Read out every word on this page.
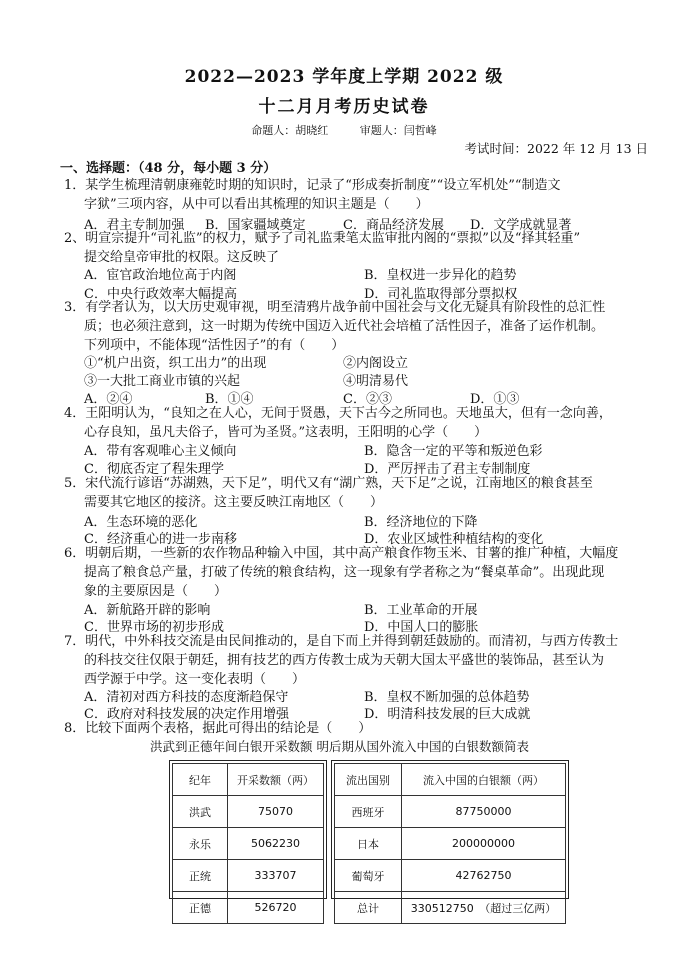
2022—2023 学年度上学期 2022 级
十二月月考历史试卷
命题人：胡晓红	审题人：闫哲峰
考试时间：2022 年 12 月 13 日
一、选择题：（48 分，每小题 3 分）
1．某学生梳理清朝康雍乾时期的知识时，记录了“形成奏折制度”“设立军机处”“制造文
字狱”三项内容，从中可以看出其梳理的知识主题是（　　）
A．君主专制加强 B．国家疆域奠定	C．商品经济发展 D．文学成就显著
2、明宣宗提升“司礼监”的权力，赋予了司礼监秉笔太监审批内阁的“票拟”以及“择其轻重”
提交给皇帝审批的权限。这反映了
A．宦官政治地位高于内阁	B．皇权进一步异化的趋势
C．中央行政效率大幅提高	D．司礼监取得部分票拟权
3．有学者认为，以大历史观审视，明至清鸦片战争前中国社会与文化无疑具有阶段性的总汇性
质；也必须注意到，这一时期为传统中国迈入近代社会培植了活性因子，准备了运作机制。
下列项中，不能体现“活性因子”的有（　　）
①“机户出资，织工出力”的出现	②内阁设立
③一大批工商业市镇的兴起	④明清易代
A．②④	B．①④	C．②③	D．①③
4．王阳明认为，“良知之在人心，无间于贤愚，天下古今之所同也。天地虽大，但有一念向善，
心存良知，虽凡夫俗子，皆可为圣贤。”这表明，王阳明的心学（　　）
A．带有客观唯心主义倾向	B．隐含一定的平等和叛逆色彩
C．彻底否定了程朱理学	D．严厉抨击了君主专制制度
5．宋代流行谚语“苏湖熟，天下足”，明代又有“湖广熟，天下足”之说，江南地区的粮食甚至
需要其它地区的接济。这主要反映江南地区（　　）
A．生态环境的恶化	B．经济地位的下降
C．经济重心的进一步南移	D．农业区域性种植结构的变化
6．明朝后期，一些新的农作物品种输入中国，其中高产粮食作物玉米、甘薯的推广种植，大幅度
提高了粮食总产量，打破了传统的粮食结构，这一现象有学者称之为“餐桌革命”。出现此现
象的主要原因是（　　）
A．新航路开辟的影响	B．工业革命的开展
C．世界市场的初步形成	D．中国人口的膨胀
7．明代，中外科技交流是由民间推动的，是自下而上并得到朝廷鼓励的。而清初，与西方传教士
的科技交往仅限于朝廷，拥有技艺的西方传教士成为天朝大国太平盛世的装饰品，甚至认为
西学源于中学。这一变化表明（　　）
A．清初对西方科技的态度渐趋保守	B．皇权不断加强的总体趋势
C．政府对科技发展的决定作用增强	D．明清科技发展的巨大成就
8．比较下面两个表格，据此可得出的结论是（　　）
洪武到正德年间白银开采数额 明后期从国外流入中国的白银数额简表
纪年	开采数额（两）
洪武	75070
永乐	5062230
正统	333707
正德	526720
流出国别	流入中国的白银额（两）
西班牙	87750000
日本	200000000
葡萄牙	42762750
总计	330512750　（超过三亿两）
